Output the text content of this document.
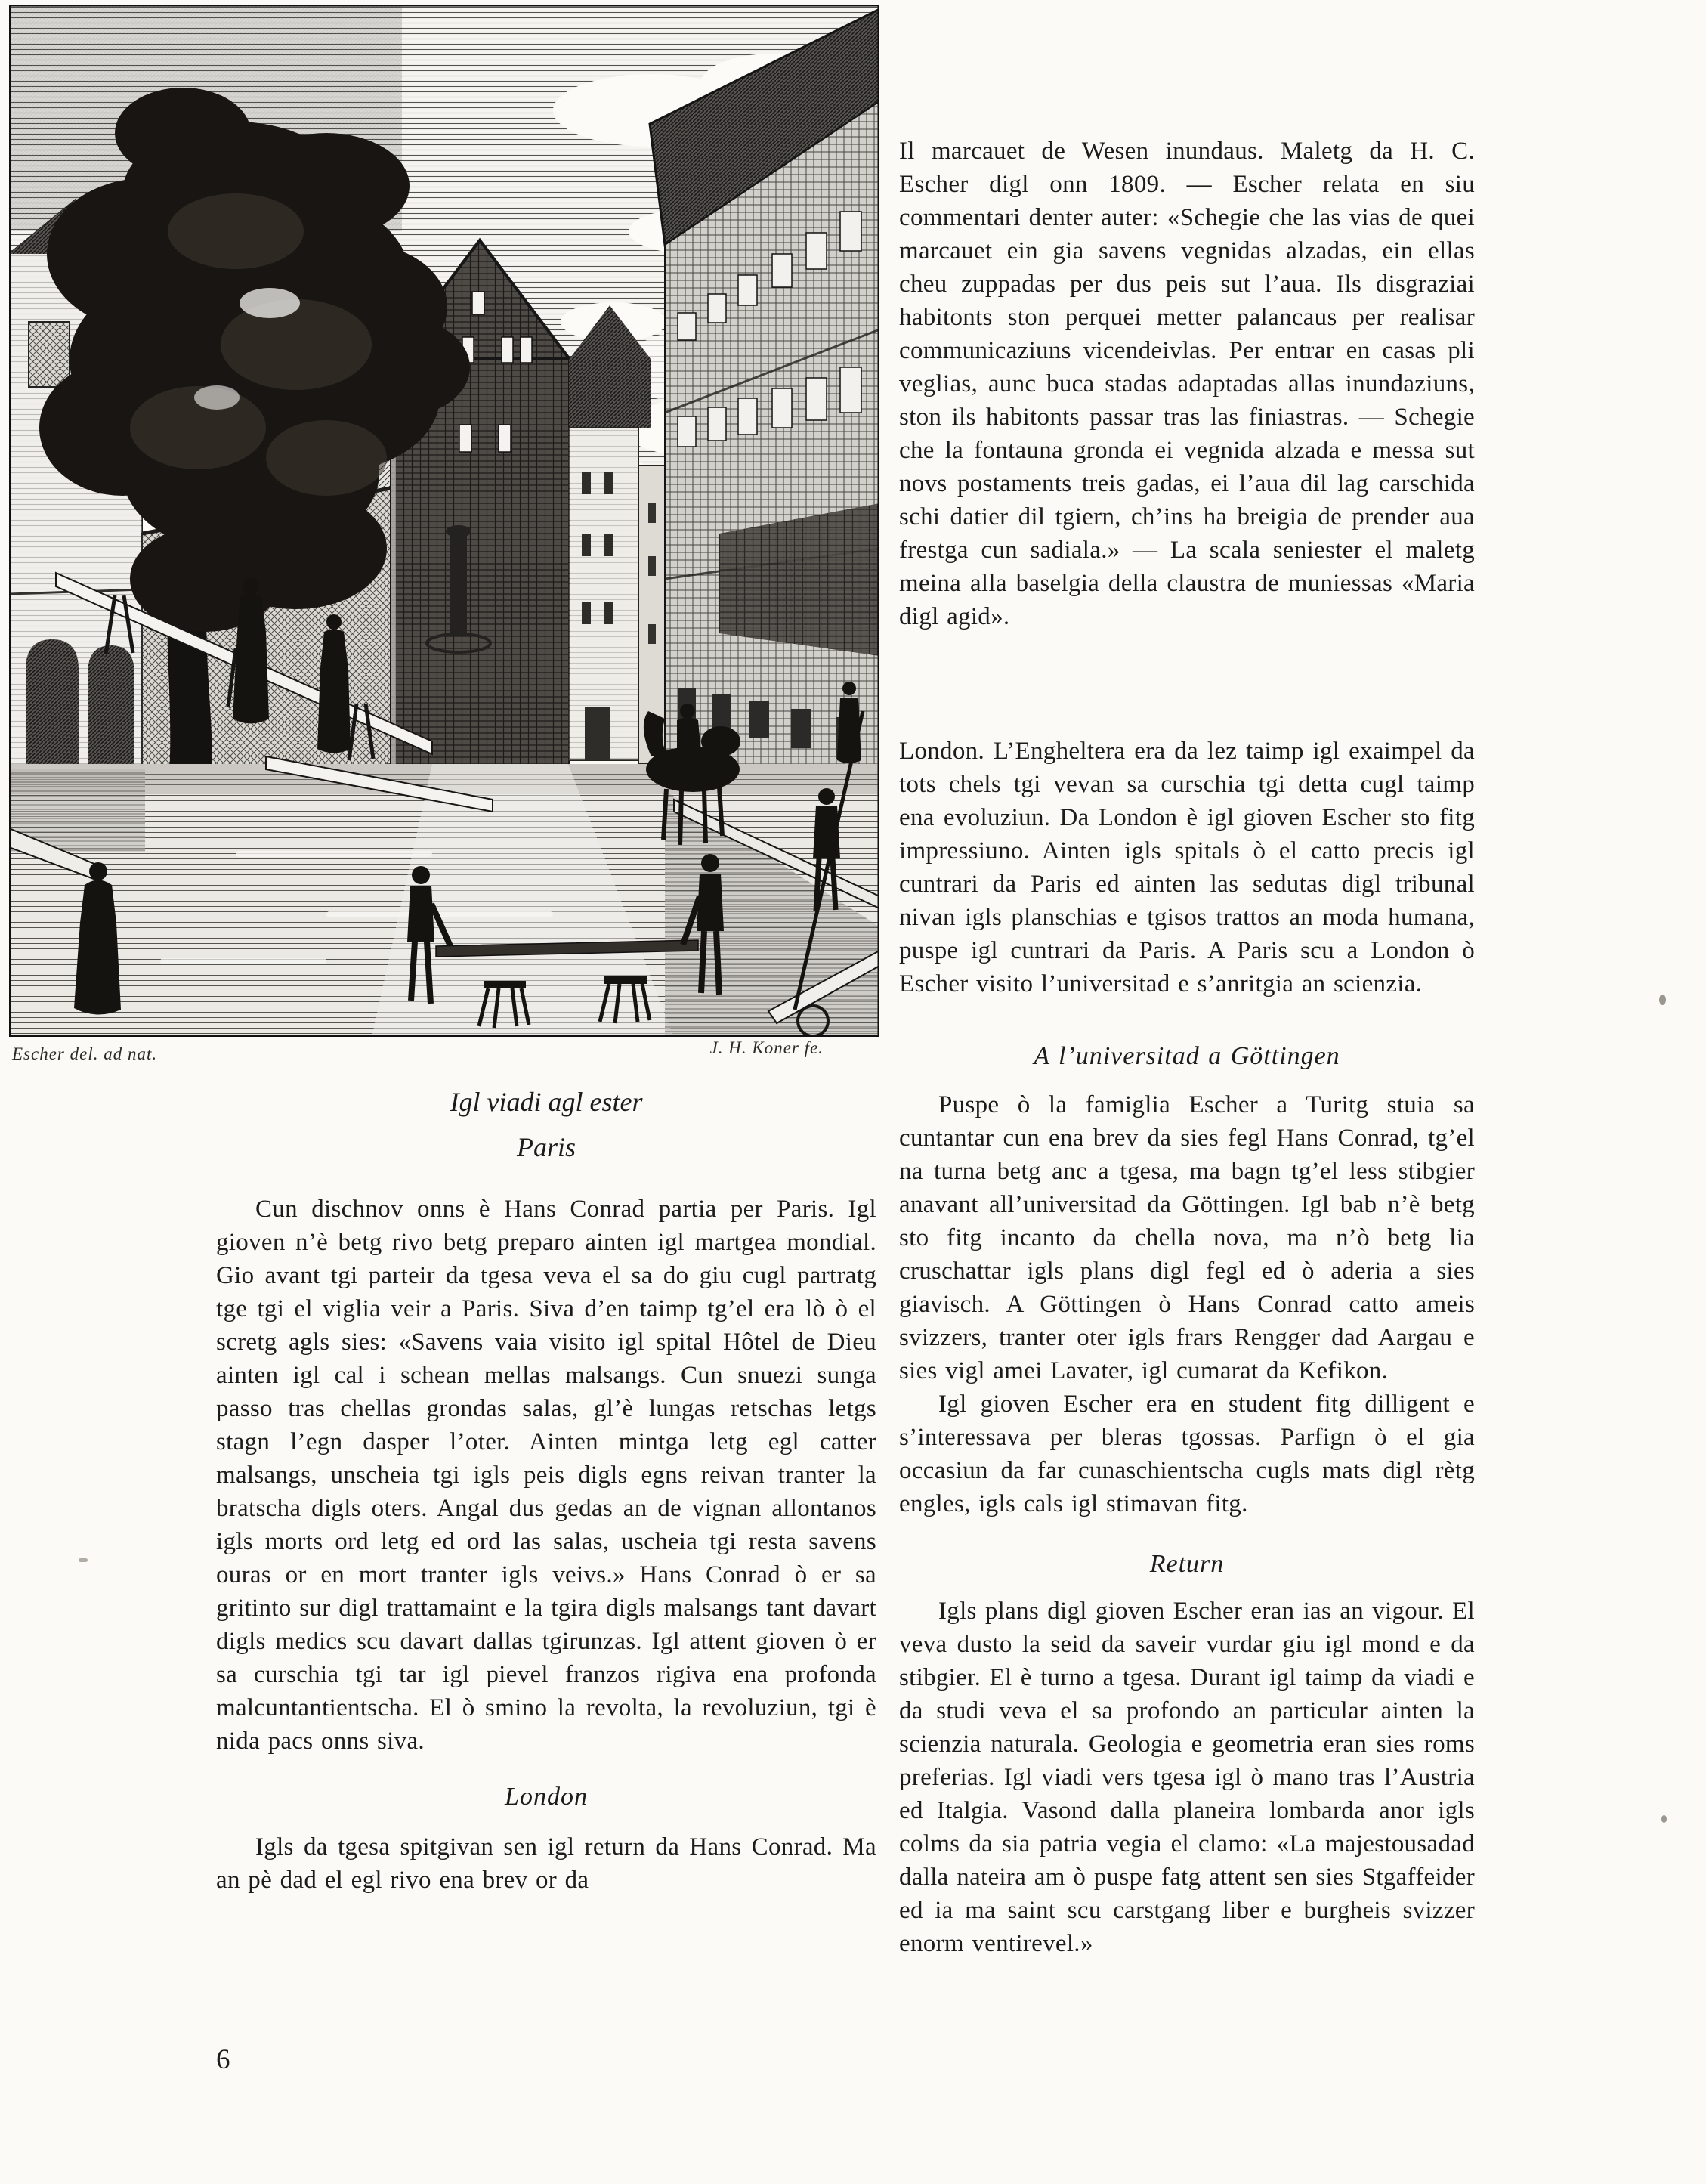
Escher del. ad nat.	J. H. Koner fe.
Igl viadi agl ester
Paris

Cun dischnov onns è Hans Conrad partia per Paris. Igl gioven n’è betg rivo betg preparo ainten igl martgea mondial. Gio avant tgi parteir da tgesa veva el sa do giu cugl partratg tge tgi el viglia veir a Paris. Siva d’en taimp tg’el era lò ò el scretg agls sies: «Savens vaia visito igl spital Hôtel de Dieu ainten igl cal i schean mellas malsangs. Cun snuezi sunga passo tras chellas grondas salas, gl’è lungas retschas letgs stagn l’egn dasper l’oter. Ainten mintga letg egl catter malsangs, unscheia tgi igls peis digls egns reivan tranter la bratscha digls oters. Angal dus gedas an de vignan allontanos igls morts ord letg ed ord las salas, uscheia tgi resta savens ouras or en mort tranter igls veivs.» Hans Conrad ò er sa gritinto sur digl trattamaint e la tgira digls malsangs tant davart digls medics scu davart dallas tgirunzas. Igl attent gioven ò er sa curschia tgi tar igl pievel franzos rigiva ena profonda malcuntantientscha. El ò smino la revolta, la revoluziun, tgi è nida pacs onns siva.

London

Igls da tgesa spitgivan sen igl return da Hans Conrad. Ma an pè dad el egl rivo ena brev or da

Il marcauet de Wesen inundaus. Maletg da H. C. Escher digl onn 1809. — Escher relata en siu commentari denter auter: «Schegie che las vias de quei marcauet ein gia savens vegnidas alzadas, ein ellas cheu zuppadas per dus peis sut l’aua. Ils disgraziai habitonts ston perquei metter palancaus per realisar communicaziuns vicendeivlas. Per entrar en casas pli veglias, aunc buca stadas adaptadas allas inundaziuns, ston ils habitonts passar tras las finiastras. — Schegie che la fontauna gronda ei vegnida alzada e messa sut novs postaments treis gadas, ei l’aua dil lag carschida schi datier dil tgiern, ch’ins ha breigia de prender aua frestga cun sadiala.» — La scala seniester el maletg meina alla baselgia della claustra de muniessas «Maria digl agid».

London. L’Engheltera era da lez taimp igl exaimpel da tots chels tgi vevan sa curschia tgi detta cugl taimp ena evoluziun. Da London è igl gioven Escher sto fitg impressiuno. Ainten igls spitals ò el catto precis igl cuntrari da Paris ed ainten las sedutas digl tribunal nivan igls planschias e tgisos trattos an moda humana, puspe igl cuntrari da Paris. A Paris scu a London ò Escher visito l’universitad e s’anritgia an scienzia.

A l’universitad a Göttingen

Puspe ò la famiglia Escher a Turitg stuia sa cuntantar cun ena brev da sies fegl Hans Conrad, tg’el na turna betg anc a tgesa, ma bagn tg’el less stibgier anavant all’universitad da Göttingen. Igl bab n’è betg sto fitg incanto da chella nova, ma n’ò betg lia cruschattar igls plans digl fegl ed ò aderia a sies giavisch. A Göttingen ò Hans Conrad catto ameis svizzers, tranter oter igls frars Rengger dad Aargau e sies vigl amei Lavater, igl cumarat da Kefikon.

Igl gioven Escher era en student fitg dilligent e s’interessava per bleras tgossas. Parfign ò el gia occasiun da far cunaschientscha cugls mats digl rètg engles, igls cals igl stimavan fitg.

Return

Igls plans digl gioven Escher eran ias an vigour. El veva dusto la seid da saveir vurdar giu igl mond e da stibgier. El è turno a tgesa. Durant igl taimp da viadi e da studi veva el sa profondo an particular ainten la scienzia naturala. Geologia e geometria eran sies roms preferias. Igl viadi vers tgesa igl ò mano tras l’Austria ed Italgia. Vasond dalla planeira lombarda anor igls colms da sia patria vegia el clamo: «La majestousadad dalla nateira am ò puspe fatg attent sen sies Stgaffeider ed ia ma saint scu carstgang liber e burgheis svizzer enorm ventirevel.»

6
